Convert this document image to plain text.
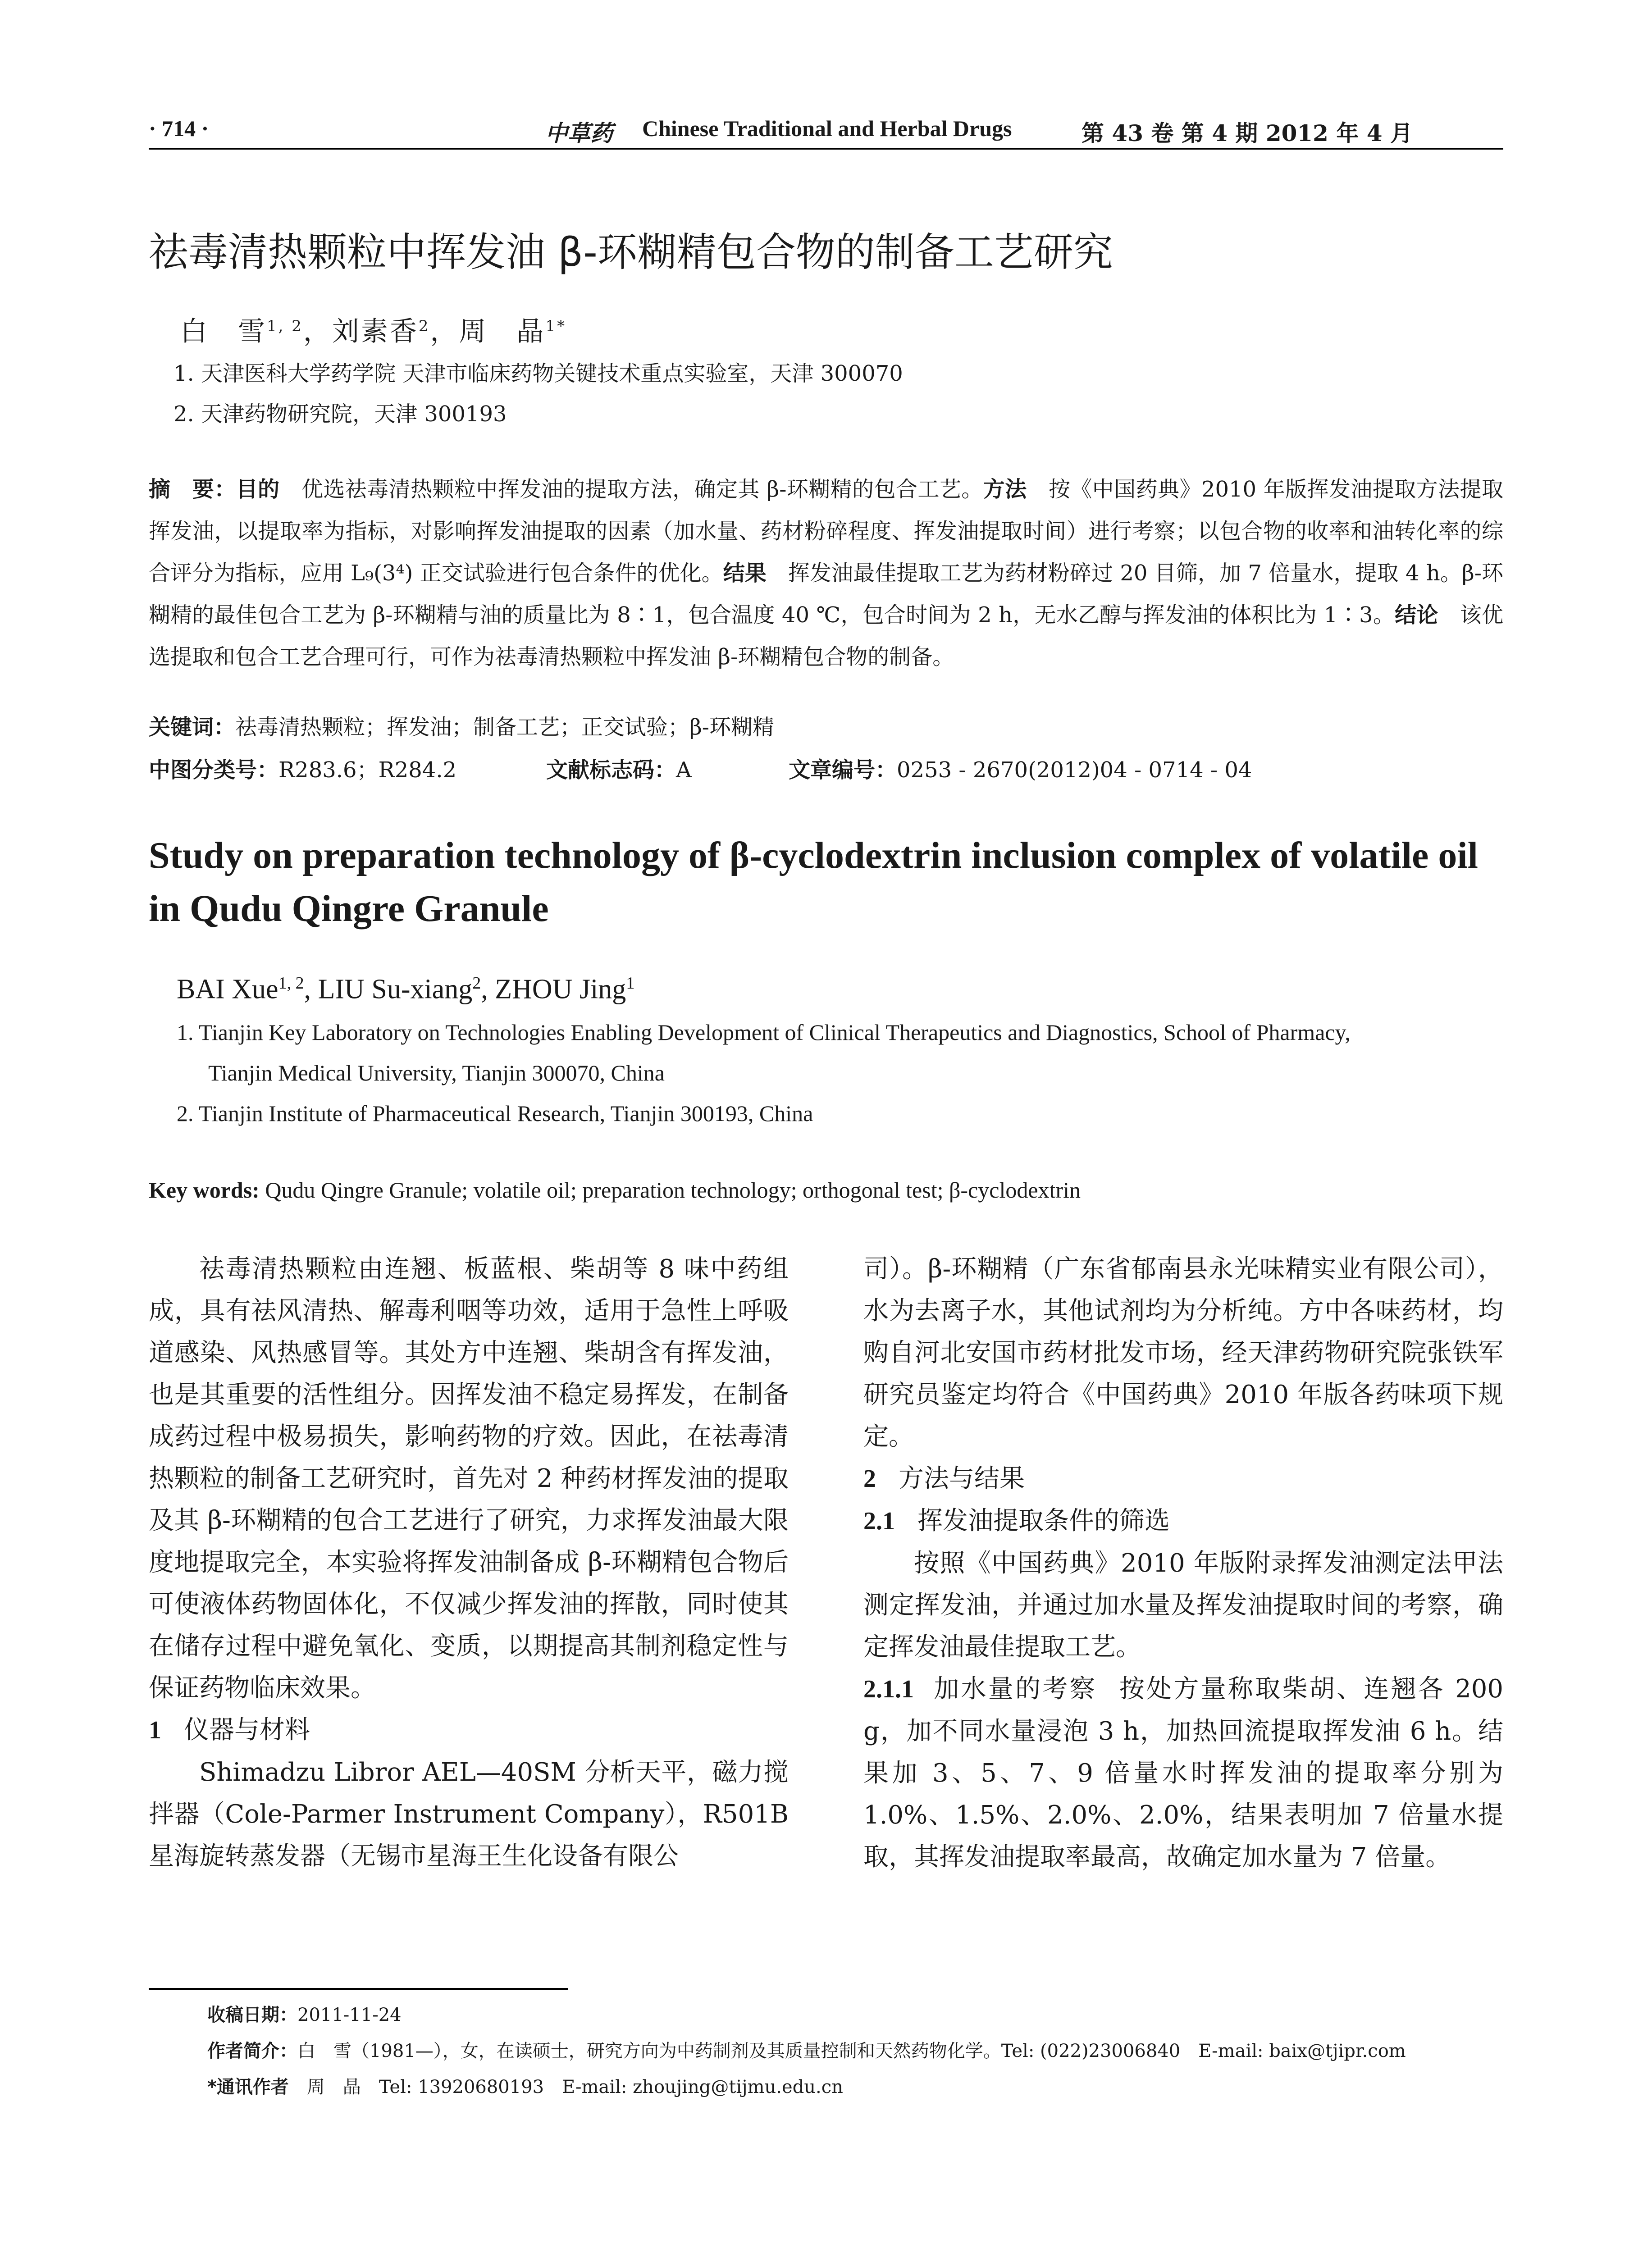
· 714 ·	中草药 Chinese Traditional and Herbal Drugs	第 43 卷 第 4 期 2012 年 4 月
祛毒清热颗粒中挥发油 β-环糊精包合物的制备工艺研究
白　雪$^{1, 2}$，刘素香$^2$，周　晶$^{1*}$
1. 天津医科大学药学院 天津市临床药物关键技术重点实验室，天津 300070
2. 天津药物研究院，天津 300193
摘　要：目的　优选祛毒清热颗粒中挥发油的提取方法，确定其 β-环糊精的包合工艺。方法　按《中国药典》2010 年版挥发油提取方法提取挥发油，以提取率为指标，对影响挥发油提取的因素（加水量、药材粉碎程度、挥发油提取时间）进行考察；以包合物的收率和油转化率的综合评分为指标，应用 L₉(3⁴) 正交试验进行包合条件的优化。结果　挥发油最佳提取工艺为药材粉碎过 20 目筛，加 7 倍量水，提取 4 h。β-环糊精的最佳包合工艺为 β-环糊精与油的质量比为 8∶1，包合温度 40 ℃，包合时间为 2 h，无水乙醇与挥发油的体积比为 1∶3。结论　该优选提取和包合工艺合理可行，可作为祛毒清热颗粒中挥发油 β-环糊精包合物的制备。
关键词：祛毒清热颗粒；挥发油；制备工艺；正交试验；β-环糊精
中图分类号：R283.6；R284.2	文献标志码：A	文章编号：0253 - 2670(2012)04 - 0714 - 04
Study on preparation technology of β-cyclodextrin inclusion complex of volatile oil in Qudu Qingre Granule
BAI Xue$^{1, 2}$, LIU Su-xiang$^2$, ZHOU Jing$^1$
1. Tianjin Key Laboratory on Technologies Enabling Development of Clinical Therapeutics and Diagnostics, School of Pharmacy,
Tianjin Medical University, Tianjin 300070, China
2. Tianjin Institute of Pharmaceutical Research, Tianjin 300193, China
Key words: Qudu Qingre Granule; volatile oil; preparation technology; orthogonal test; β-cyclodextrin

祛毒清热颗粒由连翘、板蓝根、柴胡等 8 味中药组成，具有祛风清热、解毒利咽等功效，适用于急性上呼吸道感染、风热感冒等。其处方中连翘、柴胡含有挥发油，也是其重要的活性组分。因挥发油不稳定易挥发，在制备成药过程中极易损失，影响药物的疗效。因此，在祛毒清热颗粒的制备工艺研究时，首先对 2 种药材挥发油的提取及其 β-环糊精的包合工艺进行了研究，力求挥发油最大限度地提取完全，本实验将挥发油制备成 β-环糊精包合物后可使液体药物固体化，不仅减少挥发油的挥散，同时使其在储存过程中避免氧化、变质，以期提高其制剂稳定性与保证药物临床效果。

1 仪器与材料

Shimadzu Libror AEL—40SM 分析天平，磁力搅拌器（Cole-Parmer Instrument Company），R501B 星海旋转蒸发器（无锡市星海王生化设备有限公

司）。β-环糊精（广东省郁南县永光味精实业有限公司），水为去离子水，其他试剂均为分析纯。方中各味药材，均购自河北安国市药材批发市场，经天津药物研究院张铁军研究员鉴定均符合《中国药典》2010 年版各药味项下规定。

2 方法与结果
2.1 挥发油提取条件的筛选

按照《中国药典》2010 年版附录挥发油测定法甲法测定挥发油，并通过加水量及挥发油提取时间的考察，确定挥发油最佳提取工艺。

2.1.1 加水量的考察 按处方量称取柴胡、连翘各 200 g，加不同水量浸泡 3 h，加热回流提取挥发油 6 h。结果加 3、5、7、9 倍量水时挥发油的提取率分别为 1.0%、1.5%、2.0%、2.0%，结果表明加 7 倍量水提取，其挥发油提取率最高，故确定加水量为 7 倍量。

收稿日期：2011-11-24
作者简介：白　雪（1981—），女，在读硕士，研究方向为中药制剂及其质量控制和天然药物化学。Tel: (022)23006840　E-mail: baix@tjipr.com
*通讯作者　周　晶　Tel: 13920680193　E-mail: zhoujing@tijmu.edu.cn
